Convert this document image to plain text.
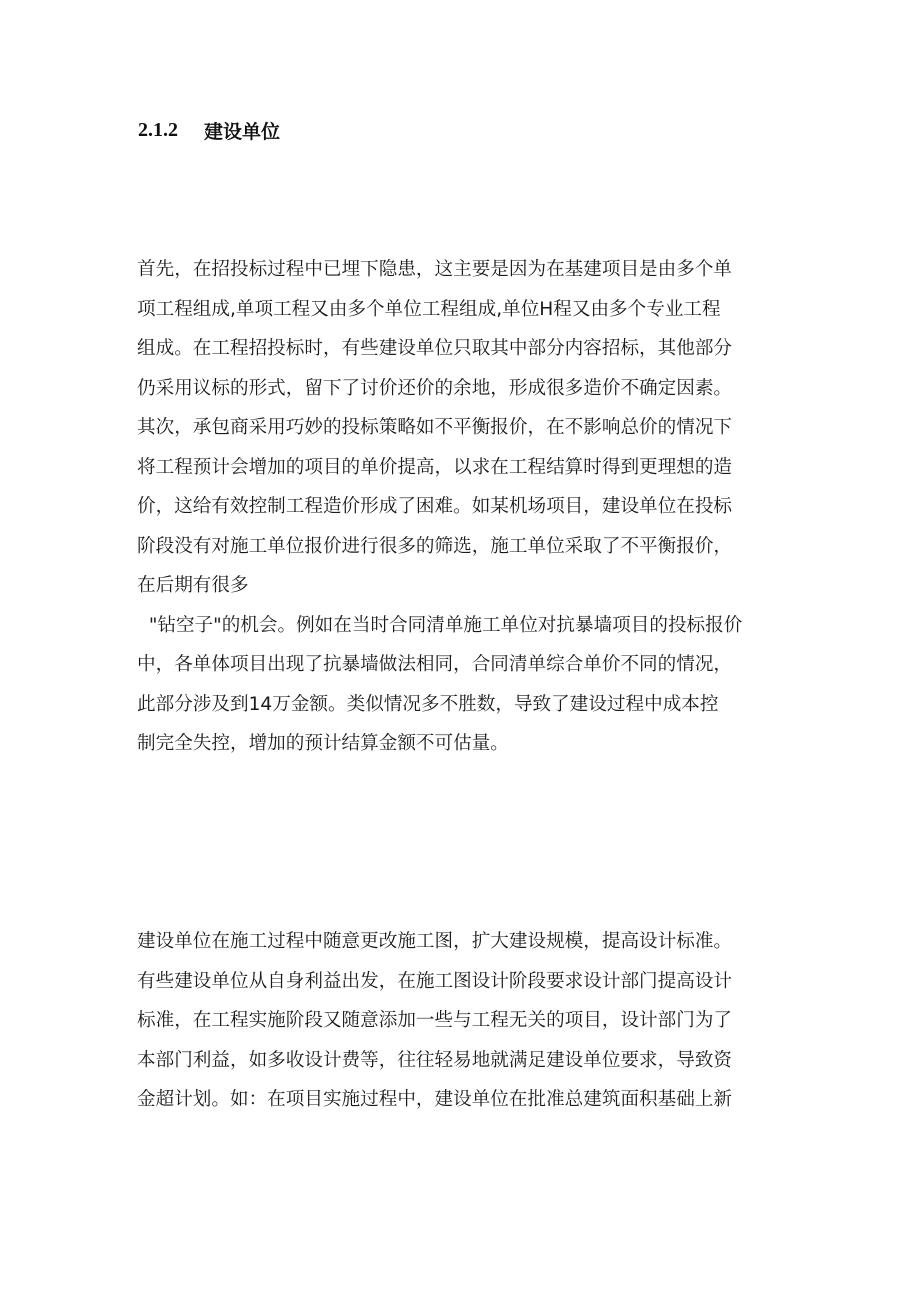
2.1.2 建设单位
首先，在招投标过程中已埋下隐患，这主要是因为在基建项目是由多个单
项工程组成,单项工程又由多个单位工程组成,单位H程又由多个专业工程
组成。在工程招投标时，有些建设单位只取其中部分内容招标，其他部分
仍采用议标的形式，留下了讨价还价的余地，形成很多造价不确定因素。
其次，承包商采用巧妙的投标策略如不平衡报价，在不影响总价的情况下
将工程预计会增加的项目的单价提高，以求在工程结算时得到更理想的造
价，这给有效控制工程造价形成了困难。如某机场项目，建设单位在投标
阶段没有对施工单位报价进行很多的筛选，施工单位采取了不平衡报价，
在后期有很多
"钻空子"的机会。例如在当时合同清单施工单位对抗暴墙项目的投标报价
中，各单体项目出现了抗暴墙做法相同，合同清单综合单价不同的情况，
此部分涉及到14万金额。类似情况多不胜数，导致了建设过程中成本控
制完全失控，增加的预计结算金额不可估量。
建设单位在施工过程中随意更改施工图，扩大建设规模，提高设计标准。
有些建设单位从自身利益出发，在施工图设计阶段要求设计部门提高设计
标准，在工程实施阶段又随意添加一些与工程无关的项目，设计部门为了
本部门利益，如多收设计费等，往往轻易地就满足建设单位要求，导致资
金超计划。如：在项目实施过程中，建设单位在批准总建筑面积基础上新
